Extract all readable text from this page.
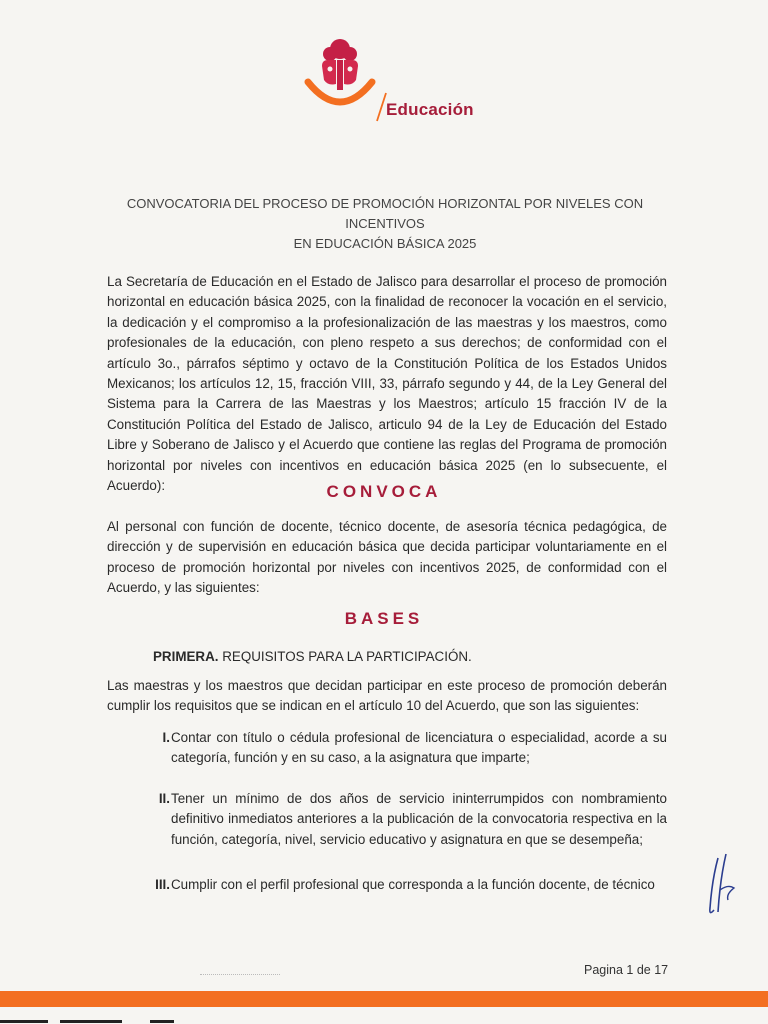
Educación
CONVOCATORIA DEL PROCESO DE PROMOCIÓN HORIZONTAL POR NIVELES CON INCENTIVOS
EN EDUCACIÓN BÁSICA 2025

La Secretaría de Educación en el Estado de Jalisco para desarrollar el proceso de promoción horizontal en educación básica 2025, con la finalidad de reconocer la vocación en el servicio, la dedicación y el compromiso a la profesionalización de las maestras y los maestros, como profesionales de la educación, con pleno respeto a sus derechos; de conformidad con el artículo 3o., párrafos séptimo y octavo de la Constitución Política de los Estados Unidos Mexicanos; los artículos 12, 15, fracción VIII, 33, párrafo segundo y 44, de la Ley General del Sistema para la Carrera de las Maestras y los Maestros; artículo 15 fracción IV de la Constitución Política del Estado de Jalisco, articulo 94 de la Ley de Educación del Estado Libre y Soberano de Jalisco y el Acuerdo que contiene las reglas del Programa de promoción horizontal por niveles con incentivos en educación básica 2025 (en lo subsecuente, el Acuerdo):	CONVOCA

Al personal con función de docente, técnico docente, de asesoría técnica pedagógica, de dirección y de supervisión en educación básica que decida participar voluntariamente en el proceso de promoción horizontal por niveles con incentivos 2025, de conformidad con el Acuerdo, y las siguientes:

BASES
PRIMERA. REQUISITOS PARA LA PARTICIPACIÓN.

Las maestras y los maestros que decidan participar en este proceso de promoción deberán cumplir los requisitos que se indican en el artículo 10 del Acuerdo, que son las siguientes:

I. Contar con título o cédula profesional de licenciatura o especialidad, acorde a su categoría, función y en su caso, a la asignatura que imparte;
II. Tener un mínimo de dos años de servicio ininterrumpidos con nombramiento definitivo inmediatos anteriores a la publicación de la convocatoria respectiva en la función, categoría, nivel, servicio educativo y asignatura en que se desempeña;
III. Cumplir con el perfil profesional que corresponda a la función docente, de técnico
Pagina 1 de 17
